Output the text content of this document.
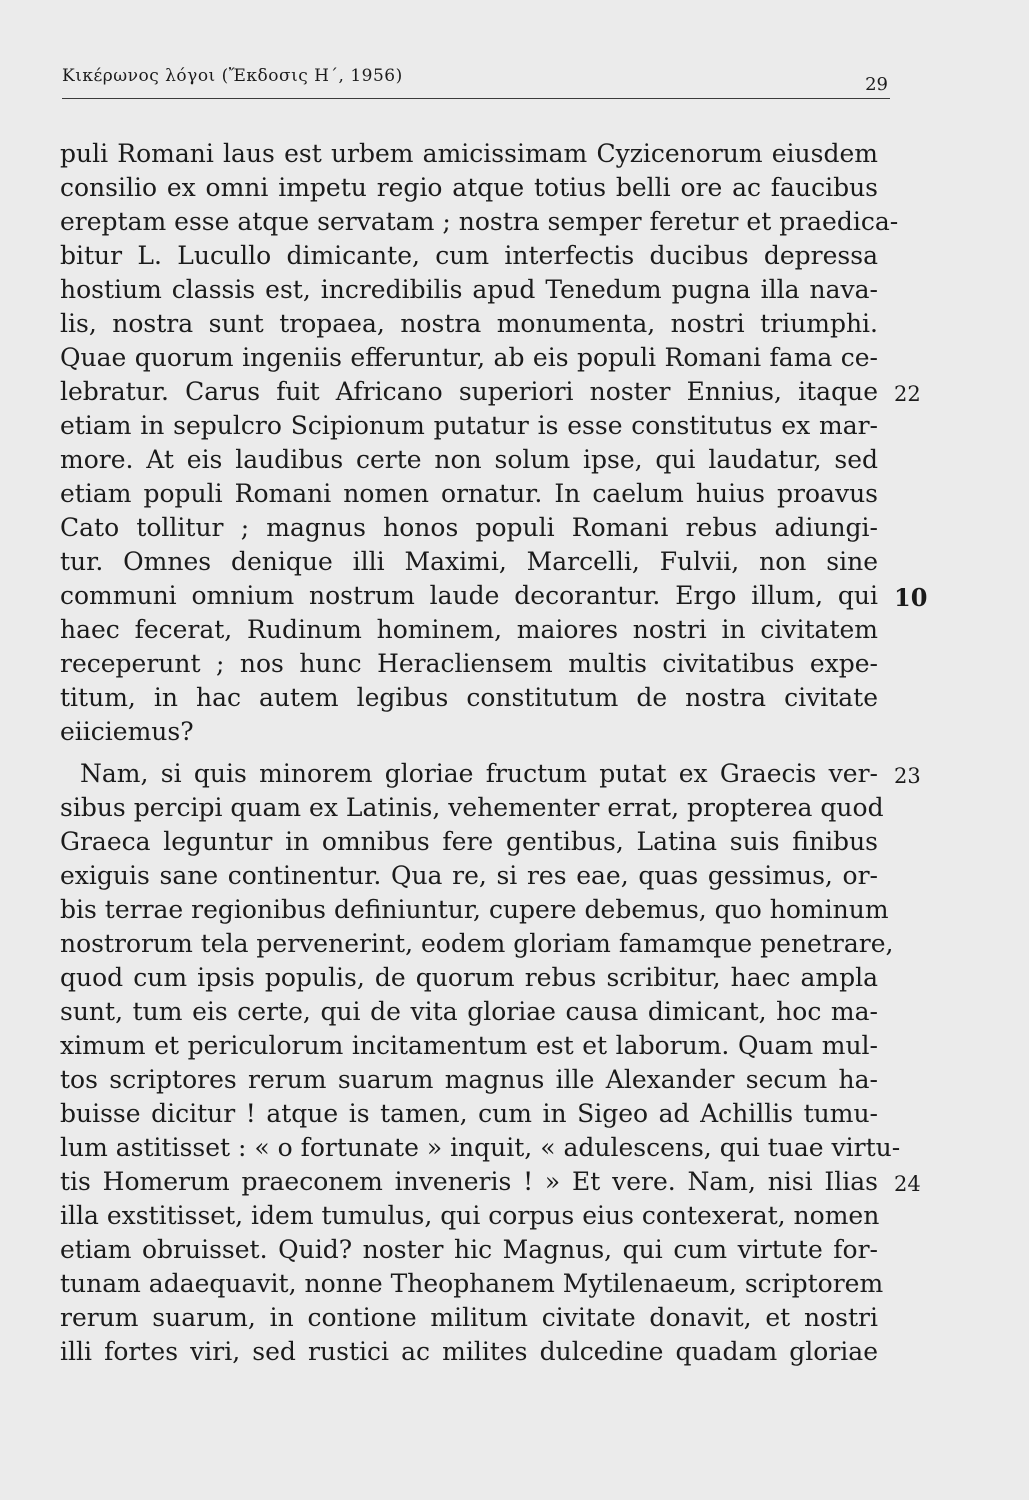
Κικέρωνος λόγοι (Ἔκδοσις Η΄, 1956)	29
puli Romani laus est urbem amicissimam Cyzicenorum eiusdem
consilio ex omni impetu regio atque totius belli ore ac faucibus
ereptam esse atque servatam ; nostra semper feretur et praedica-
bitur L. Lucullo dimicante, cum interfectis ducibus depressa
hostium classis est, incredibilis apud Tenedum pugna illa nava-
lis, nostra sunt tropaea, nostra monumenta, nostri triumphi.
Quae quorum ingeniis efferuntur, ab eis populi Romani fama ce-
lebratur. Carus fuit Africano superiori noster Ennius, itaque
etiam in sepulcro Scipionum putatur is esse constitutus ex mar-
more. At eis laudibus certe non solum ipse, qui laudatur, sed
etiam populi Romani nomen ornatur. In caelum huius proavus
Cato tollitur ; magnus honos populi Romani rebus adiungi-
tur. Omnes denique illi Maximi, Marcelli, Fulvii, non sine
communi omnium nostrum laude decorantur. Ergo illum, qui
haec fecerat, Rudinum hominem, maiores nostri in civitatem
receperunt ; nos hunc Heracliensem multis civitatibus expe-
titum, in hac autem legibus constitutum de nostra civitate
eiiciemus?
Nam, si quis minorem gloriae fructum putat ex Graecis ver-
sibus percipi quam ex Latinis, vehementer errat, propterea quod
Graeca leguntur in omnibus fere gentibus, Latina suis finibus
exiguis sane continentur. Qua re, si res eae, quas gessimus, or-
bis terrae regionibus definiuntur, cupere debemus, quo hominum
nostrorum tela pervenerint, eodem gloriam famamque penetrare,
quod cum ipsis populis, de quorum rebus scribitur, haec ampla
sunt, tum eis certe, qui de vita gloriae causa dimicant, hoc ma-
ximum et periculorum incitamentum est et laborum. Quam mul-
tos scriptores rerum suarum magnus ille Alexander secum ha-
buisse dicitur ! atque is tamen, cum in Sigeo ad Achillis tumu-
lum astitisset : « o fortunate » inquit, « adulescens, qui tuae virtu-
tis Homerum praeconem inveneris ! » Et vere. Nam, nisi Ilias
illa exstitisset, idem tumulus, qui corpus eius contexerat, nomen
etiam obruisset. Quid? noster hic Magnus, qui cum virtute for-
tunam adaequavit, nonne Theophanem Mytilenaeum, scriptorem
rerum suarum, in contione militum civitate donavit, et nostri
illi fortes viri, sed rustici ac milites dulcedine quadam gloriae
22
10
23
24
